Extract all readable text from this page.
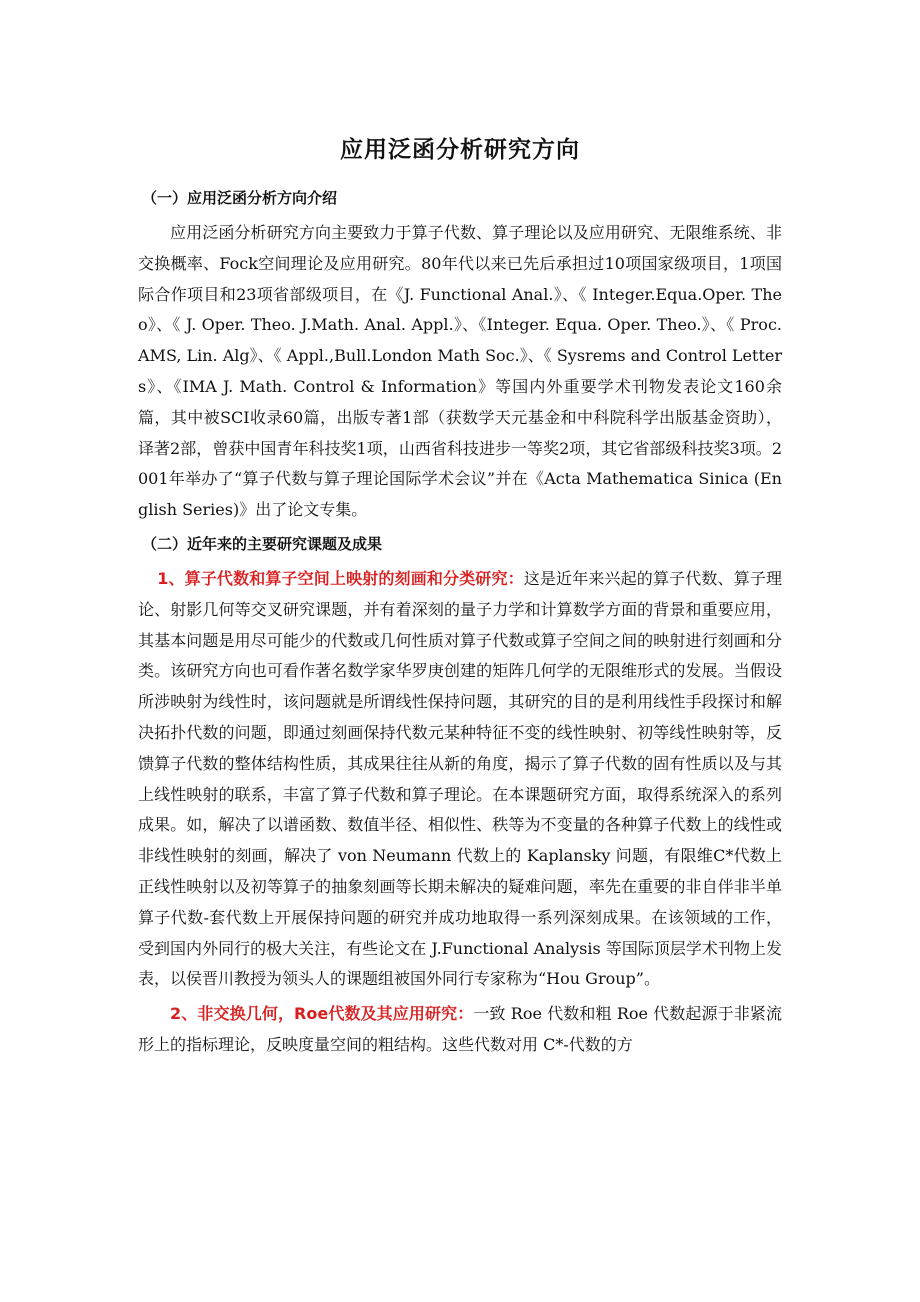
应用泛函分析研究方向
（一）应用泛函分析方向介绍

应用泛函分析研究方向主要致力于算子代数、算子理论以及应用研究、无限维系统、非交换概率、Fock空间理论及应用研究。80年代以来已先后承担过10项国家级项目，1项国际合作项目和23项省部级项目，在《J. Functional Anal.》、《 Integer.Equa.Oper. Theo》、《 J. Oper. Theo. J.Math. Anal. Appl.》、《Integer. Equa. Oper. Theo.》、《 Proc. AMS, Lin. Alg》、《 Appl.,Bull.London Math Soc.》、《 Sysrems and Control Letters》、《IMA J. Math. Control & Information》等国内外重要学术刊物发表论文160余篇，其中被SCI收录60篇，出版专著1部（获数学天元基金和中科院科学出版基金资助），译著2部，曾获中国青年科技奖1项，山西省科技进步一等奖2项，其它省部级科技奖3项。2001年举办了“算子代数与算子理论国际学术会议”并在《Acta Mathematica Sinica (English Series)》出了论文专集。

（二）近年来的主要研究课题及成果

1、算子代数和算子空间上映射的刻画和分类研究：这是近年来兴起的算子代数、算子理论、射影几何等交叉研究课题，并有着深刻的量子力学和计算数学方面的背景和重要应用，其基本问题是用尽可能少的代数或几何性质对算子代数或算子空间之间的映射进行刻画和分类。该研究方向也可看作著名数学家华罗庚创建的矩阵几何学的无限维形式的发展。当假设所涉映射为线性时，该问题就是所谓线性保持问题，其研究的目的是利用线性手段探讨和解决拓扑代数的问题，即通过刻画保持代数元某种特征不变的线性映射、初等线性映射等，反馈算子代数的整体结构性质，其成果往往从新的角度，揭示了算子代数的固有性质以及与其上线性映射的联系，丰富了算子代数和算子理论。在本课题研究方面，取得系统深入的系列成果。如，解决了以谱函数、数值半径、相似性、秩等为不变量的各种算子代数上的线性或非线性映射的刻画，解决了 von Neumann 代数上的 Kaplansky 问题，有限维C*代数上正线性映射以及初等算子的抽象刻画等长期未解决的疑难问题，率先在重要的非自伴非半单算子代数-套代数上开展保持问题的研究并成功地取得一系列深刻成果。在该领域的工作，受到国内外同行的极大关注，有些论文在 J.Functional Analysis 等国际顶层学术刊物上发表，以侯晋川教授为领头人的课题组被国外同行专家称为“Hou Group”。

2、非交换几何，Roe代数及其应用研究：一致 Roe 代数和粗 Roe 代数起源于非紧流形上的指标理论，反映度量空间的粗结构。这些代数对用 C*-代数的方
